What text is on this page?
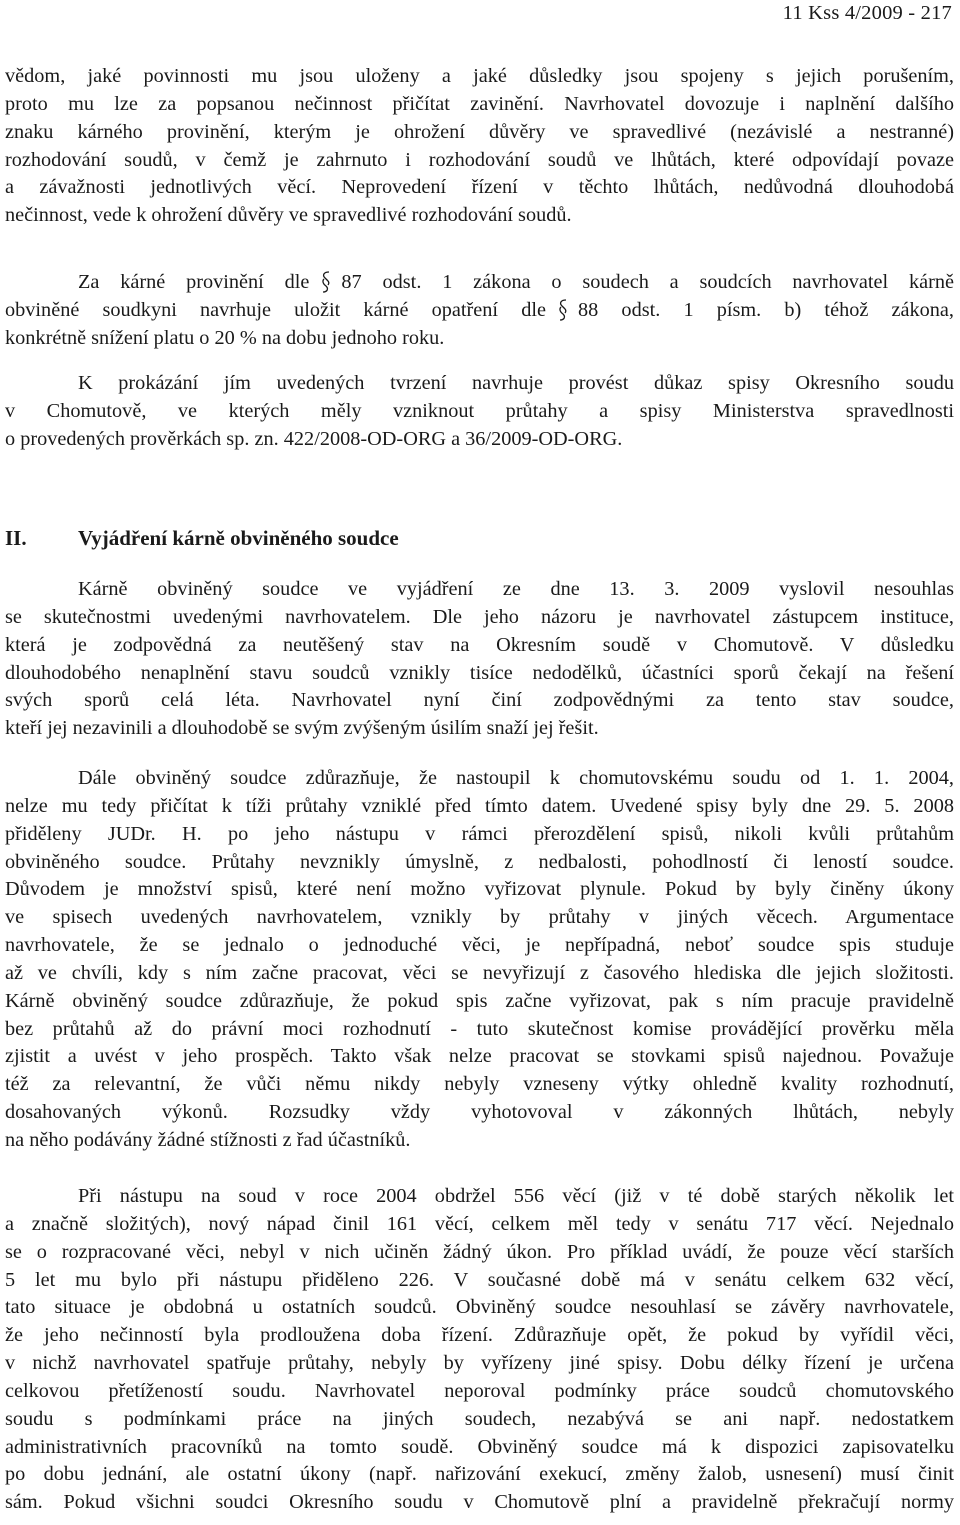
11 Kss 4/2009 - 217

vědom, jaké povinnosti mu jsou uloženy a jaké důsledky jsou spojeny s jejich porušením,

proto mu lze za popsanou nečinnost přičítat zavinění. Navrhovatel dovozuje i naplnění dalšího

znaku kárného provinění, kterým je ohrožení důvěry ve spravedlivé (nezávislé a nestranné)

rozhodování soudů, v čemž je zahrnuto i rozhodování soudů ve lhůtách, které odpovídají povaze

a závažnosti jednotlivých věcí. Neprovedení řízení v těchto lhůtách, nedůvodná dlouhodobá

nečinnost, vede k ohrožení důvěry ve spravedlivé rozhodování soudů.

Za kárné provinění dle 87 odst. 1 zákona o soudech a soudcích navrhovatel kárně

obviněné soudkyni navrhuje uložit kárné opatření dle 88 odst. 1 písm. b) téhož zákona,

konkrétně snížení platu o 20 % na dobu jednoho roku.

K prokázání jím uvedených tvrzení navrhuje provést důkaz spisy Okresního soudu

v Chomutově, ve kterých měly vzniknout průtahy a spisy Ministerstva spravedlnosti

o provedených prověrkách sp. zn. 422/2008-OD-ORG a 36/2009-OD-ORG.

II. Vyjádření kárně obviněného soudce

Kárně obviněný soudce ve vyjádření ze dne 13. 3. 2009 vyslovil nesouhlas

se skutečnostmi uvedenými navrhovatelem. Dle jeho názoru je navrhovatel zástupcem instituce,

která je zodpovědná za neutěšený stav na Okresním soudě v Chomutově. V důsledku

dlouhodobého nenaplnění stavu soudců vznikly tisíce nedodělků, účastníci sporů čekají na řešení

svých sporů celá léta. Navrhovatel nyní činí zodpovědnými za tento stav soudce,

kteří jej nezavinili a dlouhodobě se svým zvýšeným úsilím snaží jej řešit.

Dále obviněný soudce zdůrazňuje, že nastoupil k chomutovskému soudu od 1. 1. 2004,

nelze mu tedy přičítat k tíži průtahy vzniklé před tímto datem. Uvedené spisy byly dne 29. 5. 2008

přiděleny JUDr. H. po jeho nástupu v rámci přerozdělení spisů, nikoli kvůli průtahům

obviněného soudce. Průtahy nevznikly úmyslně, z nedbalosti, pohodlností či leností soudce.

Důvodem je množství spisů, které není možno vyřizovat plynule. Pokud by byly činěny úkony

ve spisech uvedených navrhovatelem, vznikly by průtahy v jiných věcech. Argumentace

navrhovatele, že se jednalo o jednoduché věci, je nepřípadná, neboť soudce spis studuje

až ve chvíli, kdy s ním začne pracovat, věci se nevyřizují z časového hlediska dle jejich složitosti.

Kárně obviněný soudce zdůrazňuje, že pokud spis začne vyřizovat, pak s ním pracuje pravidelně

bez průtahů až do právní moci rozhodnutí - tuto skutečnost komise provádějící prověrku měla

zjistit a uvést v jeho prospěch. Takto však nelze pracovat se stovkami spisů najednou. Považuje

též za relevantní, že vůči němu nikdy nebyly vzneseny výtky ohledně kvality rozhodnutí,

dosahovaných výkonů. Rozsudky vždy vyhotovoval v zákonných lhůtách, nebyly

na něho podávány žádné stížnosti z řad účastníků.

Při nástupu na soud v roce 2004 obdržel 556 věcí (již v té době starých několik let

a značně složitých), nový nápad činil 161 věcí, celkem měl tedy v senátu 717 věcí. Nejednalo

se o rozpracované věci, nebyl v nich učiněn žádný úkon. Pro příklad uvádí, že pouze věcí starších

5 let mu bylo při nástupu přiděleno 226. V současné době má v senátu celkem 632 věcí,

tato situace je obdobná u ostatních soudců. Obviněný soudce nesouhlasí se závěry navrhovatele,

že jeho nečinností byla prodloužena doba řízení. Zdůrazňuje opět, že pokud by vyřídil věci,

v nichž navrhovatel spatřuje průtahy, nebyly by vyřízeny jiné spisy. Dobu délky řízení je určena

celkovou přetížeností soudu. Navrhovatel neporoval podmínky práce soudců chomutovského

soudu s podmínkami práce na jiných soudech, nezabývá se ani např. nedostatkem

administrativních pracovníků na tomto soudě. Obviněný soudce má k dispozici zapisovatelku

po dobu jednání, ale ostatní úkony (např. nařizování exekucí, změny žalob, usnesení) musí činit

sám. Pokud všichni soudci Okresního soudu v Chomutově plní a pravidelně překračují normy
